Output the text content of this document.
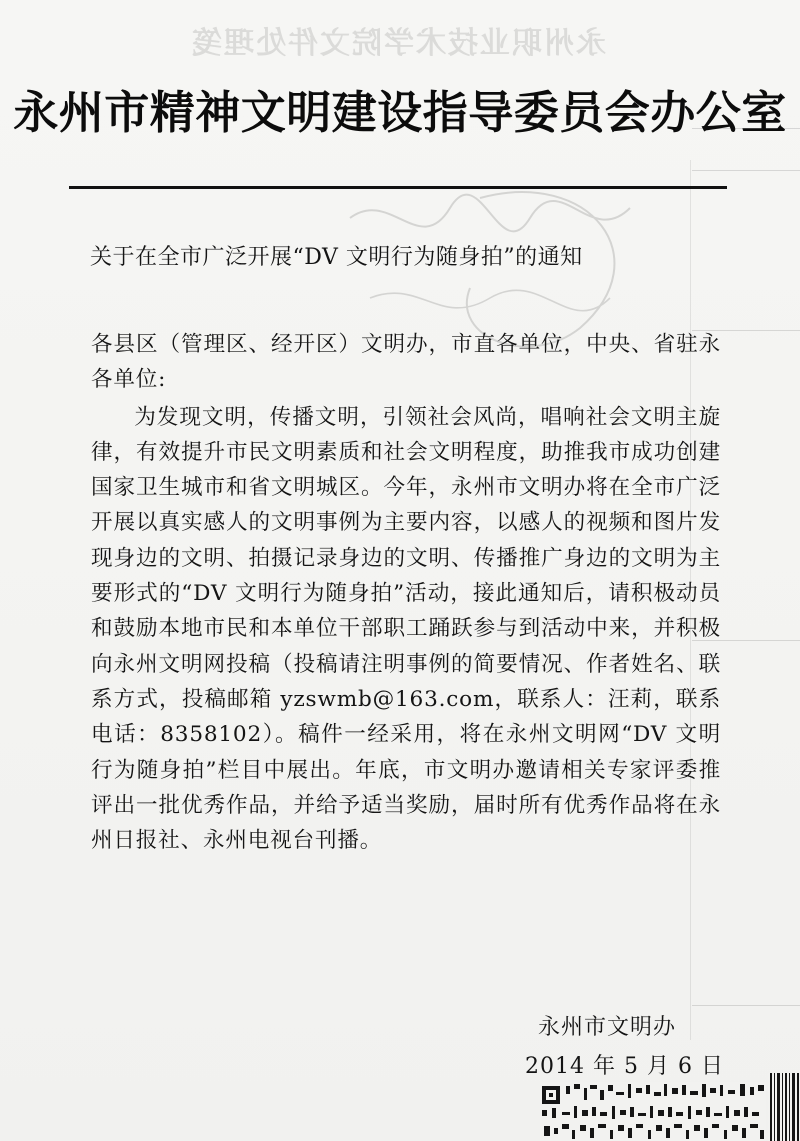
永州职业技术学院文件处理笺
永州市精神文明建设指导委员会办公室
关于在全市广泛开展“DV 文明行为随身拍”的通知

各县区（管理区、经开区）文明办，市直各单位，中央、省驻永各单位:

为发现文明，传播文明，引领社会风尚，唱响社会文明主旋律，有效提升市民文明素质和社会文明程度，助推我市成功创建国家卫生城市和省文明城区。今年，永州市文明办将在全市广泛开展以真实感人的文明事例为主要内容，以感人的视频和图片发现身边的文明、拍摄记录身边的文明、传播推广身边的文明为主要形式的“DV 文明行为随身拍”活动，接此通知后，请积极动员和鼓励本地市民和本单位干部职工踊跃参与到活动中来，并积极向永州文明网投稿（投稿请注明事例的简要情况、作者姓名、联系方式，投稿邮箱 yzswmb@163.com，联系人：汪莉，联系电话：8358102）。稿件一经采用，将在永州文明网“DV 文明行为随身拍”栏目中展出。年底，市文明办邀请相关专家评委推评出一批优秀作品，并给予适当奖励，届时所有优秀作品将在永州日报社、永州电视台刊播。

永州市文明办
2014 年 5 月 6 日
